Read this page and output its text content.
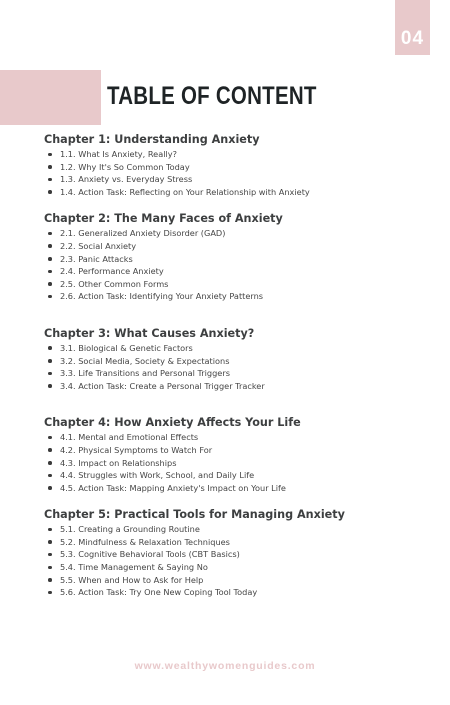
04
TABLE OF CONTENT
Chapter 1: Understanding Anxiety
1.1. What Is Anxiety, Really?
1.2. Why It's So Common Today
1.3. Anxiety vs. Everyday Stress
1.4. Action Task: Reflecting on Your Relationship with Anxiety
Chapter 2: The Many Faces of Anxiety
2.1. Generalized Anxiety Disorder (GAD)
2.2. Social Anxiety
2.3. Panic Attacks
2.4. Performance Anxiety
2.5. Other Common Forms
2.6. Action Task: Identifying Your Anxiety Patterns
Chapter 3: What Causes Anxiety?
3.1. Biological & Genetic Factors
3.2. Social Media, Society & Expectations
3.3. Life Transitions and Personal Triggers
3.4. Action Task: Create a Personal Trigger Tracker
Chapter 4: How Anxiety Affects Your Life
4.1. Mental and Emotional Effects
4.2. Physical Symptoms to Watch For
4.3. Impact on Relationships
4.4. Struggles with Work, School, and Daily Life
4.5. Action Task: Mapping Anxiety's Impact on Your Life
Chapter 5: Practical Tools for Managing Anxiety
5.1. Creating a Grounding Routine
5.2. Mindfulness & Relaxation Techniques
5.3. Cognitive Behavioral Tools (CBT Basics)
5.4. Time Management & Saying No
5.5. When and How to Ask for Help
5.6. Action Task: Try One New Coping Tool Today
www.wealthywomenguides.com
